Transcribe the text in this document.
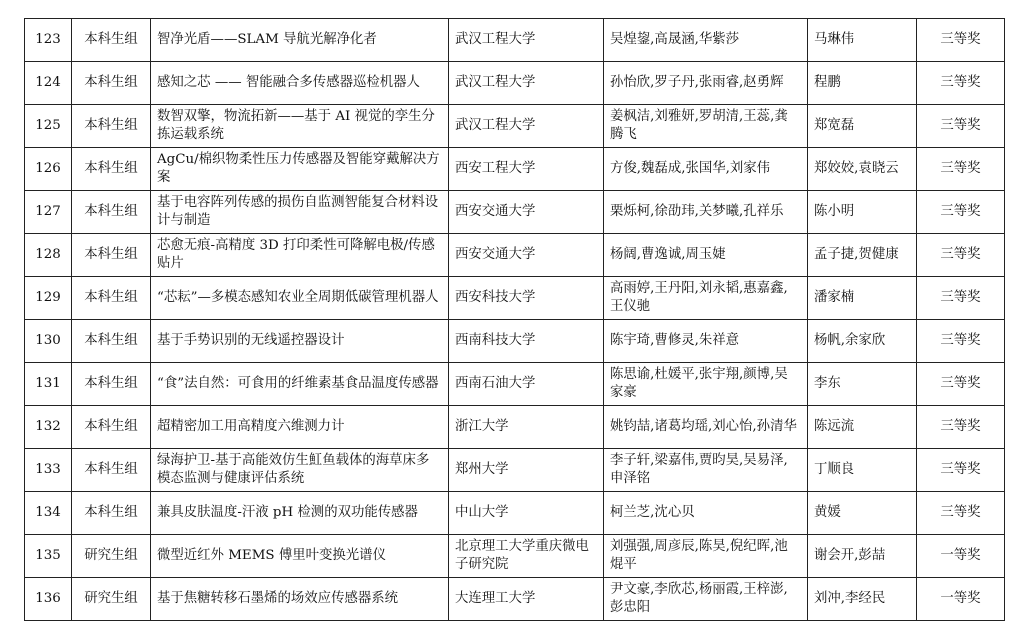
123	本科生组	智净光盾——SLAM 导航光解净化者	武汉工程大学	吴煌鋆,高晟涵,华紫莎	马琳伟	三等奖
124	本科生组	感知之芯 —— 智能融合多传感器巡检机器人	武汉工程大学	孙怡欣,罗子丹,张雨睿,赵勇辉	程鹏	三等奖
125	本科生组	数智双擎，物流拓新——基于 AI 视觉的孪生分拣运载系统	武汉工程大学	姜枫洁,刘雅妍,罗胡清,王蕊,龚腾飞	郑宽磊	三等奖
126	本科生组	AgCu/棉织物柔性压力传感器及智能穿戴解决方案	西安工程大学	方俊,魏磊成,张国华,刘家伟	郑姣姣,袁晓云	三等奖
127	本科生组	基于电容阵列传感的损伤自监测智能复合材料设计与制造	西安交通大学	栗烁柯,徐劭玮,关梦曦,孔祥乐	陈小明	三等奖
128	本科生组	芯愈无痕-高精度 3D 打印柔性可降解电极/传感贴片	西安交通大学	杨阔,曹逸诚,周玉婕	孟子捷,贺健康	三等奖
129	本科生组	“芯耘”—多模态感知农业全周期低碳管理机器人	西安科技大学	高雨婷,王丹阳,刘永韬,惠嘉鑫,王仪驰	潘家楠	三等奖
130	本科生组	基于手势识别的无线遥控器设计	西南科技大学	陈宇琦,曹修灵,朱祥意	杨帆,余家欣	三等奖
131	本科生组	“食”法自然：可食用的纤维素基食品温度传感器	西南石油大学	陈思谕,杜媛平,张宇翔,颜博,吴家豪	李东	三等奖
132	本科生组	超精密加工用高精度六维测力计	浙江大学	姚钧喆,诸葛均瑶,刘心怡,孙清华	陈远流	三等奖
133	本科生组	绿海护卫-基于高能效仿生魟鱼载体的海草床多模态监测与健康评估系统	郑州大学	李子轩,梁嘉伟,贾昀昊,吴易泽,申泽铭	丁顺良	三等奖
134	本科生组	兼具皮肤温度-汗液 pH 检测的双功能传感器	中山大学	柯兰芝,沈心贝	黄媛	三等奖
135	研究生组	微型近红外 MEMS 傅里叶变换光谱仪	北京理工大学重庆微电子研究院	刘强强,周彦辰,陈昊,倪纪晖,池焜平	谢会开,彭喆	一等奖
136	研究生组	基于焦糖转移石墨烯的场效应传感器系统	大连理工大学	尹文豪,李欣芯,杨丽霞,王梓澎,彭忠阳	刘冲,李经民	一等奖
